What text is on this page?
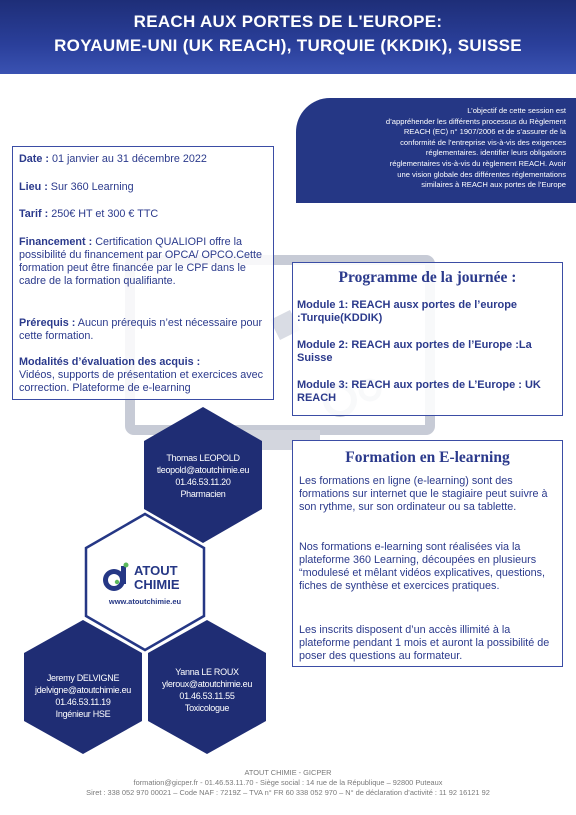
REACH AUX PORTES DE L'EUROPE:
ROYAUME-UNI (UK REACH), TURQUIE (KKDIK), SUISSE
L’objectif de cette session est
d’appréhender les différents processus du Règlement
REACH (EC) n° 1907/2006 et de s’assurer de la
conformité de l’entreprise vis-à-vis des exigences
réglementaires. identifier leurs obligations
réglementaires vis-à-vis du règlement REACH. Avoir
une vision globale des différentes réglementations
similaires à REACH aux portes de l’Europe

Date : 01 janvier au 31 décembre 2022

Lieu : Sur 360 Learning

Tarif : 250€ HT et 300 € TTC

Financement : Certification QUALIOPI offre la possibilité du financement par OPCA/ OPCO.Cette formation peut être financée par le CPF dans le cadre de la formation qualifiante.

Prérequis : Aucun prérequis n’est nécessaire pour cette formation.

Modalités d’évaluation des acquis :
Vidéos, supports de présentation et exercices avec correction. Plateforme de e-learning

Programme de la journée :
Module 1: REACH ausx portes de l’europe :Turquie(KDDIK)
Module 2: REACH aux portes de l’Europe :La Suisse
Module 3: REACH aux portes de L’Europe : UK REACH
Formation en E-learning

Les formations en ligne (e-learning) sont des formations sur internet que le stagiaire peut suivre à son rythme, sur son ordinateur ou sa tablette.

Nos formations e-learning sont réalisées via la plateforme 360 Learning, découpées en plusieurs “modulesé et mêlant vidéos explicatives, questions, fiches de synthèse et exercices pratiques.

Les inscrits disposent d’un accès illimité à la plateforme pendant 1 mois et auront la possibilité de poser des questions au formateur.

Thomas LEOPOLD
tleopold@atoutchimie.eu
01.46.53.11.20
Pharmacien
ATOUT
CHIMIE
www.atoutchimie.eu
Jeremy DELVIGNE
jdelvigne@atoutchimie.eu
01.46.53.11.19
Ingénieur HSE
Yanna LE ROUX
yleroux@atoutchimie.eu
01.46.53.11.55
Toxicologue
ATOUT CHIMIE - GICPER
formation@gicper.fr - 01.46.53.11.70 - Siège social : 14 rue de la République – 92800 Puteaux
Siret : 338 052 970 00021 – Code NAF : 7219Z – TVA n° FR 60 338 052 970 – N° de déclaration d’activité : 11 92 16121 92
